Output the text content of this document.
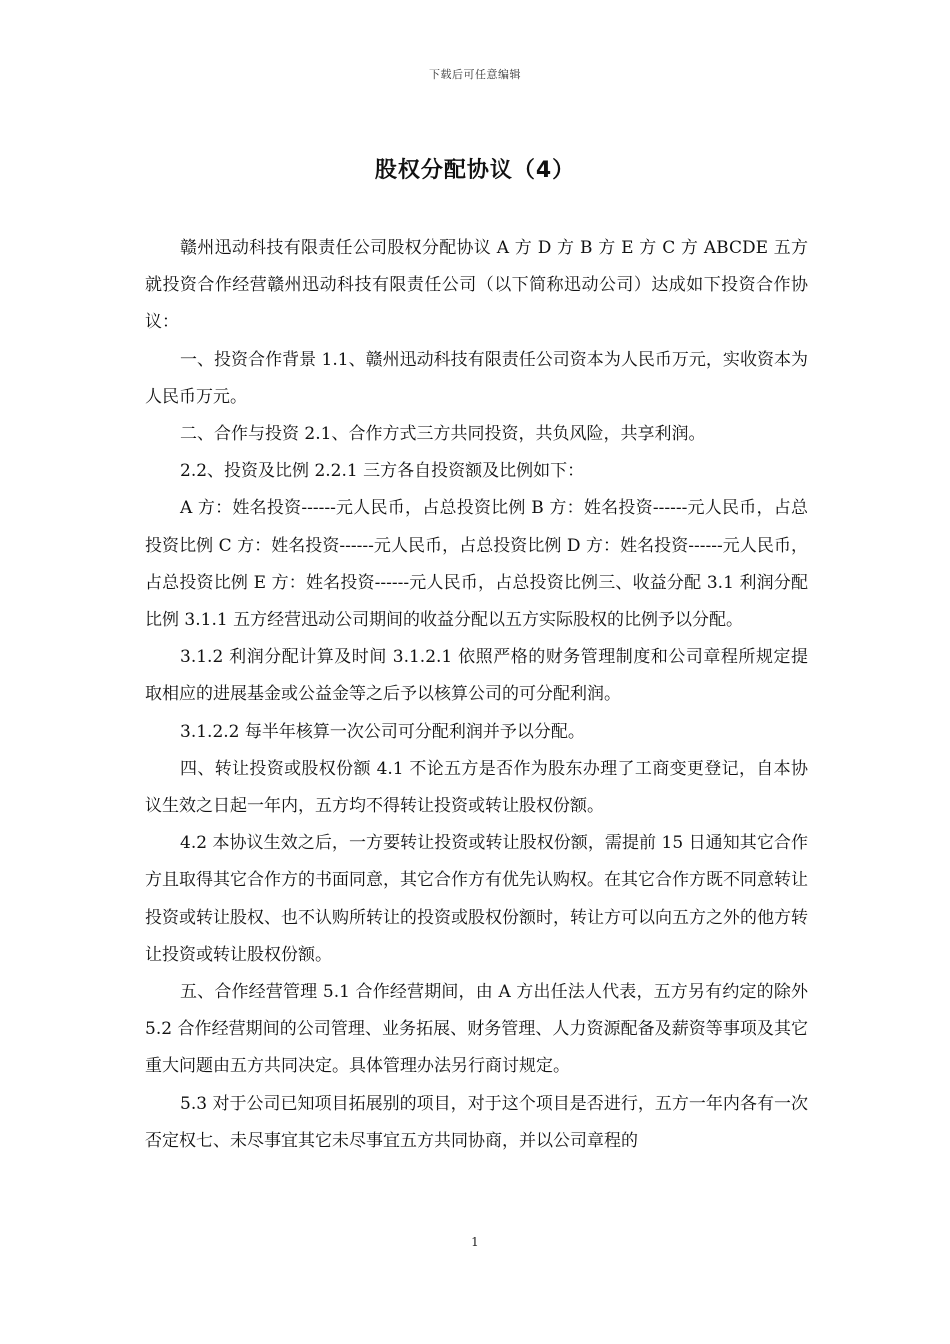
下载后可任意编辑
股权分配协议（4）

赣州迅动科技有限责任公司股权分配协议 A 方 D 方 B 方 E 方 C 方 ABCDE 五方就投资合作经营赣州迅动科技有限责任公司（以下简称迅动公司）达成如下投资合作协议：

一、投资合作背景 1.1、赣州迅动科技有限责任公司资本为人民币万元，实收资本为人民币万元。

二、合作与投资 2.1、合作方式三方共同投资，共负风险，共享利润。

2.2、投资及比例 2.2.1 三方各自投资额及比例如下：

A 方：姓名投资------元人民币，占总投资比例 B 方：姓名投资------元人民币，占总投资比例 C 方：姓名投资------元人民币，占总投资比例 D 方：姓名投资------元人民币，占总投资比例 E 方：姓名投资------元人民币，占总投资比例三、收益分配 3.1 利润分配比例 3.1.1 五方经营迅动公司期间的收益分配以五方实际股权的比例予以分配。

3.1.2 利润分配计算及时间 3.1.2.1 依照严格的财务管理制度和公司章程所规定提取相应的进展基金或公益金等之后予以核算公司的可分配利润。

3.1.2.2 每半年核算一次公司可分配利润并予以分配。

四、转让投资或股权份额 4.1 不论五方是否作为股东办理了工商变更登记，自本协议生效之日起一年内，五方均不得转让投资或转让股权份额。

4.2 本协议生效之后，一方要转让投资或转让股权份额，需提前 15 日通知其它合作方且取得其它合作方的书面同意，其它合作方有优先认购权。在其它合作方既不同意转让投资或转让股权、也不认购所转让的投资或股权份额时，转让方可以向五方之外的他方转让投资或转让股权份额。

五、合作经营管理 5.1 合作经营期间，由 A 方出任法人代表，五方另有约定的除外 5.2 合作经营期间的公司管理、业务拓展、财务管理、人力资源配备及薪资等事项及其它重大问题由五方共同决定。具体管理办法另行商讨规定。

5.3 对于公司已知项目拓展别的项目，对于这个项目是否进行，五方一年内各有一次否定权七、未尽事宜其它未尽事宜五方共同协商，并以公司章程的

1
